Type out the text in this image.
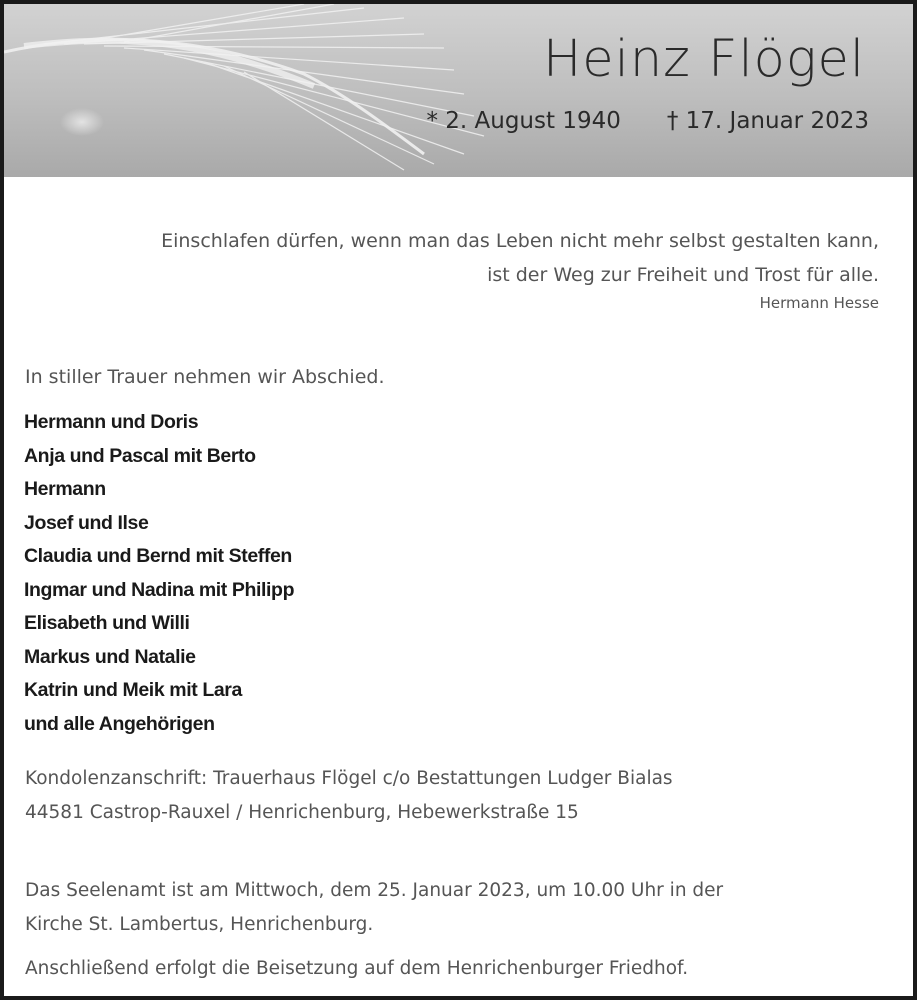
Heinz Flögel
* 2. August 1940 † 17. Januar 2023
Einschlafen dürfen, wenn man das Leben nicht mehr selbst gestalten kann,
ist der Weg zur Freiheit und Trost für alle.
Hermann Hesse
In stiller Trauer nehmen wir Abschied.
Hermann und Doris
Anja und Pascal mit Berto
Hermann
Josef und Ilse
Claudia und Bernd mit Steffen
Ingmar und Nadina mit Philipp
Elisabeth und Willi
Markus und Natalie
Katrin und Meik mit Lara
und alle Angehörigen
Kondolenzanschrift: Trauerhaus Flögel c/o Bestattungen Ludger Bialas
44581 Castrop-Rauxel / Henrichenburg, Hebewerkstraße 15
Das Seelenamt ist am Mittwoch, dem 25. Januar 2023, um 10.00 Uhr in der
Kirche St. Lambertus, Henrichenburg.
Anschließend erfolgt die Beisetzung auf dem Henrichenburger Friedhof.
